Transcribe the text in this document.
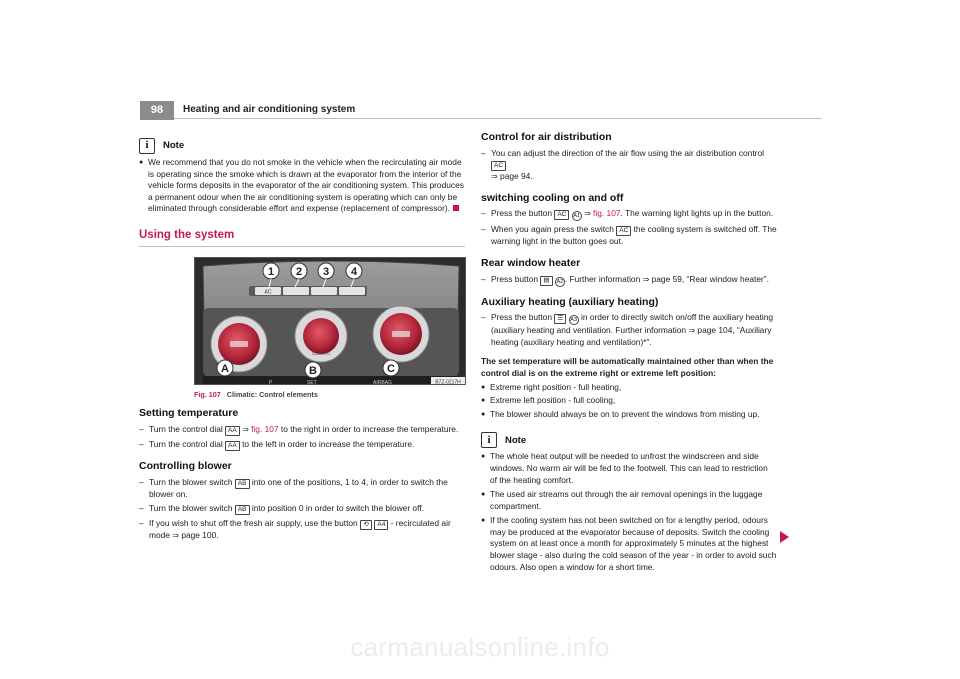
98	Heating and air conditioning system
i	Note

● We recommend that you do not smoke in the vehicle when the recirculating air mode is operating since the smoke which is drawn at the evaporator from the interior of the vehicle forms deposits in the evaporator of the air conditioning system. This produces a permanent odour when the air conditioning system is operating which can only be eliminated through considerable effort and expense (replacement of compressor).

Using the system
AC
CLIMATIC
P	SET	AIRBAG
1 2 3 4
A	B	C
B7Z-0217H
Fig. 107 Climatic: Control elements
Setting temperature
– Turn the control dial AA ⇒ fig. 107 to the right in order to increase the temperature.
– Turn the control dial AA to the left in order to increase the temperature.
Controlling blower
– Turn the blower switch AB into one of the positions, 1 to 4, in order to switch the blower on.
– Turn the blower switch AB into position 0 in order to switch the blower off.
– If you wish to shut off the fresh air supply, use the button ⟲ A4 - recirculated air mode ⇒ page 100.
Control for air distribution
– You can adjust the direction of the air flow using the air distribution control AC
⇒ page 94.
switching cooling on and off
– Press the button AC A1 ⇒ fig. 107. The warning light lights up in the button.
– When you again press the switch AC the cooling system is switched off. The warning light in the button goes out.
Rear window heater
– Press button ▤ A2 . Further information ⇒ page 59, “Rear window heater”.
Auxiliary heating (auxiliary heating)
– Press the button ☰ A3 in order to directly switch on/off the auxiliary heating (auxiliary heating and ventilation. Further information ⇒ page 104, “Auxiliary heating (auxiliary heating and ventilation)*”.

The set temperature will be automatically maintained other than when the control dial is on the extreme right or extreme left position:

● Extreme right position - full heating,

● Extreme left position - full cooling,

● The blower should always be on to prevent the windows from misting up.

i	Note

● The whole heat output will be needed to unfrost the windscreen and side windows. No warm air will be fed to the footwell. This can lead to restriction of the heating comfort.

● The used air streams out through the air removal openings in the luggage compartment.

● If the cooling system has not been switched on for a lengthy period, odours may be produced at the evaporator because of deposits. Switch the cooling system on at least once a month for approximately 5 minutes at the highest blower stage - also during the cold season of the year - in order to avoid such odours. Also open a window for a short time.

carmanualsonline.info
